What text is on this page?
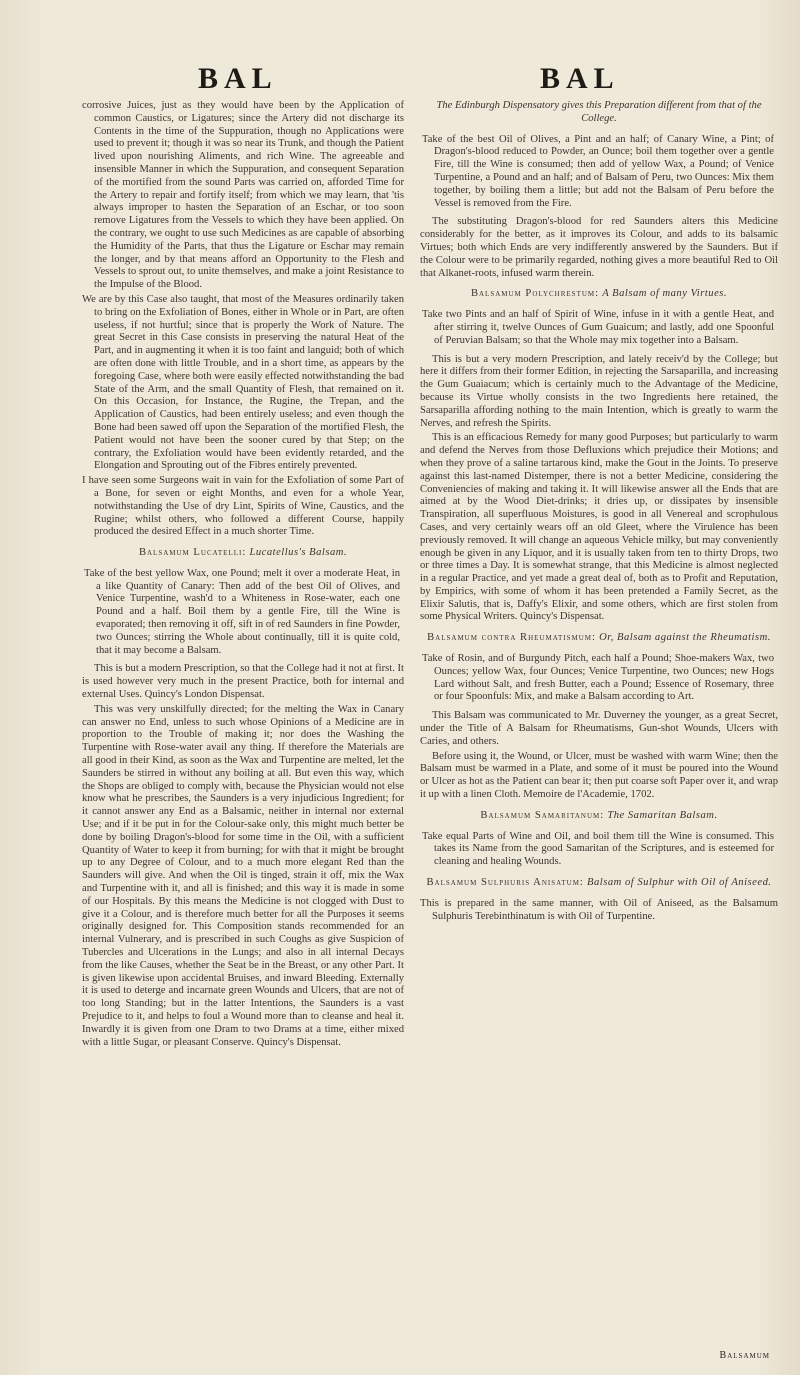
BAL	BAL

corrosive Juices, just as they would have been by the Application of common Caustics, or Ligatures; since the Artery did not discharge its Contents in the time of the Suppuration, though no Applications were used to prevent it; though it was so near its Trunk, and though the Patient lived upon nourishing Aliments, and rich Wine. The agreeable and insensible Manner in which the Suppuration, and consequent Separation of the mortified from the sound Parts was carried on, afforded Time for the Artery to repair and fortify itself; from which we may learn, that 'tis always improper to hasten the Separation of an Eschar, or too soon remove Ligatures from the Vessels to which they have been applied. On the contrary, we ought to use such Medicines as are capable of absorbing the Humidity of the Parts, that thus the Ligature or Eschar may remain the longer, and by that means afford an Opportunity to the Flesh and Vessels to sprout out, to unite themselves, and make a joint Resistance to the Impulse of the Blood.

We are by this Case also taught, that most of the Measures ordinarily taken to bring on the Exfoliation of Bones, either in Whole or in Part, are often useless, if not hurtful; since that is properly the Work of Nature. The great Secret in this Case consists in preserving the natural Heat of the Part, and in augmenting it when it is too faint and languid; both of which are often done with little Trouble, and in a short time, as appears by the foregoing Case, where both were easily effected notwithstanding the bad State of the Arm, and the small Quantity of Flesh, that remained on it. On this Occasion, for Instance, the Rugine, the Trepan, and the Application of Caustics, had been entirely useless; and even though the Bone had been sawed off upon the Separation of the mortified Flesh, the Patient would not have been the sooner cured by that Step; on the contrary, the Exfoliation would have been evidently retarded, and the Elongation and Sprouting out of the Fibres entirely prevented.

I have seen some Surgeons wait in vain for the Exfoliation of some Part of a Bone, for seven or eight Months, and even for a whole Year, notwithstanding the Use of dry Lint, Spirits of Wine, Caustics, and the Rugine; whilst others, who followed a different Course, happily produced the desired Effect in a much shorter Time.

Balsamum Lucatelli: Lucatellus's Balsam.

Take of the best yellow Wax, one Pound; melt it over a moderate Heat, in a like Quantity of Canary: Then add of the best Oil of Olives, and Venice Turpentine, wash'd to a Whiteness in Rose-water, each one Pound and a half. Boil them by a gentle Fire, till the Wine is evaporated; then removing it off, sift in of red Saunders in fine Powder, two Ounces; stirring the Whole about continually, till it is quite cold, that it may become a Balsam.

This is but a modern Prescription, so that the College had it not at first. It is used however very much in the present Practice, both for internal and external Uses. Quincy's London Dispensat.

This was very unskilfully directed; for the melting the Wax in Canary can answer no End, unless to such whose Opinions of a Medicine are in proportion to the Trouble of making it; nor does the Washing the Turpentine with Rose-water avail any thing. If therefore the Materials are all good in their Kind, as soon as the Wax and Turpentine are melted, let the Saunders be stirred in without any boiling at all. But even this way, which the Shops are obliged to comply with, because the Physician would not else know what he prescribes, the Saunders is a very injudicious Ingredient; for it cannot answer any End as a Balsamic, neither in internal nor external Use; and if it be put in for the Colour-sake only, this might much better be done by boiling Dragon's-blood for some time in the Oil, with a sufficient Quantity of Water to keep it from burning; for with that it might be brought up to any Degree of Colour, and to a much more elegant Red than the Saunders will give. And when the Oil is tinged, strain it off, mix the Wax and Turpentine with it, and all is finished; and this way it is made in some of our Hospitals. By this means the Medicine is not clogged with Dust to give it a Colour, and is therefore much better for all the Purposes it seems originally designed for. This Composition stands recommended for an internal Vulnerary, and is prescribed in such Coughs as give Suspicion of Tubercles and Ulcerations in the Lungs; and also in all internal Decays from the like Causes, whether the Seat be in the Breast, or any other Part. It is given likewise upon accidental Bruises, and inward Bleeding. Externally it is used to deterge and incarnate green Wounds and Ulcers, that are not of too long Standing; but in the latter Intentions, the Saunders is a vast Prejudice to it, and helps to foul a Wound more than to cleanse and heal it. Inwardly it is given from one Dram to two Drams at a time, either mixed with a little Sugar, or pleasant Conserve. Quincy's Dispensat.

The Edinburgh Dispensatory gives this Preparation different from that of the College.

Take of the best Oil of Olives, a Pint and an half; of Canary Wine, a Pint; of Dragon's-blood reduced to Powder, an Ounce; boil them together over a gentle Fire, till the Wine is consumed; then add of yellow Wax, a Pound; of Venice Turpentine, a Pound and an half; and of Balsam of Peru, two Ounces: Mix them together, by boiling them a little; but add not the Balsam of Peru before the Vessel is removed from the Fire.

The substituting Dragon's-blood for red Saunders alters this Medicine considerably for the better, as it improves its Colour, and adds to its balsamic Virtues; both which Ends are very indifferently answered by the Saunders. But if the Colour were to be primarily regarded, nothing gives a more beautiful Red to Oil that Alkanet-roots, infused warm therein.

Balsamum Polychrestum: A Balsam of many Virtues.

Take two Pints and an half of Spirit of Wine, infuse in it with a gentle Heat, and after stirring it, twelve Ounces of Gum Guaicum; and lastly, add one Spoonful of Peruvian Balsam; so that the Whole may mix together into a Balsam.

This is but a very modern Prescription, and lately receiv'd by the College; but here it differs from their former Edition, in rejecting the Sarsaparilla, and increasing the Gum Guaiacum; which is certainly much to the Advantage of the Medicine, because its Virtue wholly consists in the two Ingredients here retained, the Sarsaparilla affording nothing to the main Intention, which is greatly to warm the Nerves, and refresh the Spirits.

This is an efficacious Remedy for many good Purposes; but particularly to warm and defend the Nerves from those Defluxions which prejudice their Motions; and when they prove of a saline tartarous kind, make the Gout in the Joints. To preserve against this last-named Distemper, there is not a better Medicine, considering the Conveniencies of making and taking it. It will likewise answer all the Ends that are aimed at by the Wood Diet-drinks; it dries up, or dissipates by insensible Transpiration, all superfluous Moistures, is good in all Venereal and scrophulous Cases, and very certainly wears off an old Gleet, where the Virulence has been previously removed. It will change an aqueous Vehicle milky, but may conveniently enough be given in any Liquor, and it is usually taken from ten to thirty Drops, two or three times a Day. It is somewhat strange, that this Medicine is almost neglected in a regular Practice, and yet made a great deal of, both as to Profit and Reputation, by Empirics, with some of whom it has been pretended a Family Secret, as the Elixir Salutis, that is, Daffy's Elixir, and some others, which are first stolen from some Physical Writers. Quincy's Dispensat.

Balsamum contra Rheumatismum: Or, Balsam against the Rheumatism.

Take of Rosin, and of Burgundy Pitch, each half a Pound; Shoe-makers Wax, two Ounces; yellow Wax, four Ounces; Venice Turpentine, two Ounces; new Hogs Lard without Salt, and fresh Butter, each a Pound; Essence of Rosemary, three or four Spoonfuls: Mix, and make a Balsam according to Art.

This Balsam was communicated to Mr. Duverney the younger, as a great Secret, under the Title of A Balsam for Rheumatisms, Gun-shot Wounds, Ulcers with Caries, and others.

Before using it, the Wound, or Ulcer, must be washed with warm Wine; then the Balsam must be warmed in a Plate, and some of it must be poured into the Wound or Ulcer as hot as the Patient can bear it; then put coarse soft Paper over it, and wrap it up with a linen Cloth. Memoire de l'Academie, 1702.

Balsamum Samaritanum: The Samaritan Balsam.

Take equal Parts of Wine and Oil, and boil them till the Wine is consumed. This takes its Name from the good Samaritan of the Scriptures, and is esteemed for cleaning and healing Wounds.

Balsamum Sulphuris Anisatum: Balsam of Sulphur with Oil of Aniseed.

This is prepared in the same manner, with Oil of Aniseed, as the Balsamum Sulphuris Terebinthinatum is with Oil of Turpentine.

Balsamum
